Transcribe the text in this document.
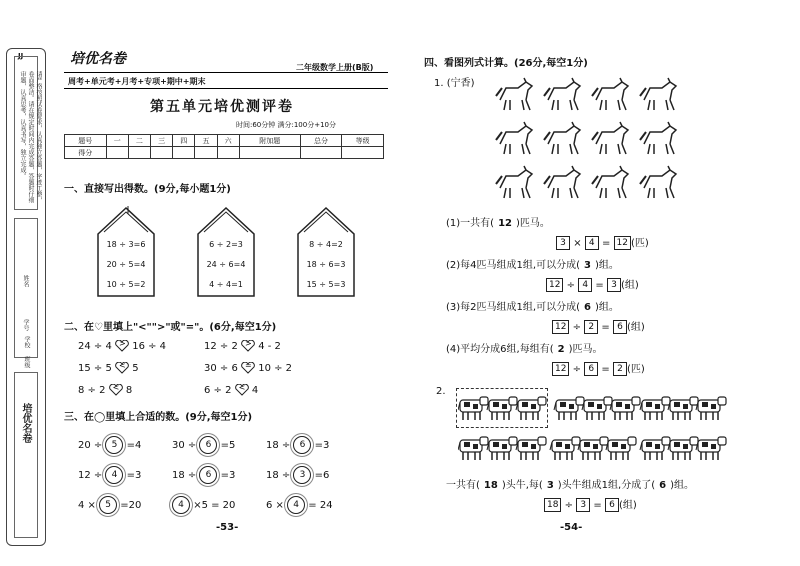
JJ
请严格按照试卷要求，认真独立答题，字迹工整，卷面整洁。请在规定时间内完成答题，答题时仔细审题，认真思考，认真书写，独立完成。
姓名
学号
学校
班级
培优名卷
培优名卷
周考+单元考+月考+专项+期中+期末
二年级数学上册(B版)
第五单元培优测评卷
时间:60分钟 满分:100分+10分
题号	一	二	三	四	五	六	附加题	总分	等级
得分									
一、直接写出得数。(9分,每小题1分)
18 ÷ 3=6
20 ÷ 5=4
10 ÷ 5=2
6 ÷ 2=3
24 ÷ 6=4
4 ÷ 4=1
8 ÷ 4=2
18 ÷ 6=3
15 ÷ 5=3
二、在♡里填上"<"">"或"="。(6分,每空1分)
24 ÷ 4 > 16 ÷ 4	12 ÷ 2 > 4 - 2
15 ÷ 5 < 5	30 ÷ 6 = 10 ÷ 2
8 ÷ 2 < 8	6 ÷ 2 < 4
三、在◯里填上合适的数。(9分,每空1分)
20 ÷ 5 =4	30 ÷ 6 =5	18 ÷ 6 =3
12 ÷ 4 =3	18 ÷ 6 =3	18 ÷ 3 =6
4 × 5 =20	4 ×5 = 20	6 × 4 = 24
-53-
四、看图列式计算。(26分,每空1分)
1. (宁香)
(1)一共有( 12 )匹马。
3 × 4 = 12 (匹)
(2)每4匹马组成1组,可以分成( 3 )组。
12 ÷ 4 = 3 (组)
(3)每2匹马组成1组,可以分成( 6 )组。
12 ÷ 2 = 6 (组)
(4)平均分成6组,每组有( 2 )匹马。
12 ÷ 6 = 2 (匹)
2.
一共有( 18 )头牛,每( 3 )头牛组成1组,分成了( 6 )组。
18 ÷ 3 = 6 (组)
-54-
